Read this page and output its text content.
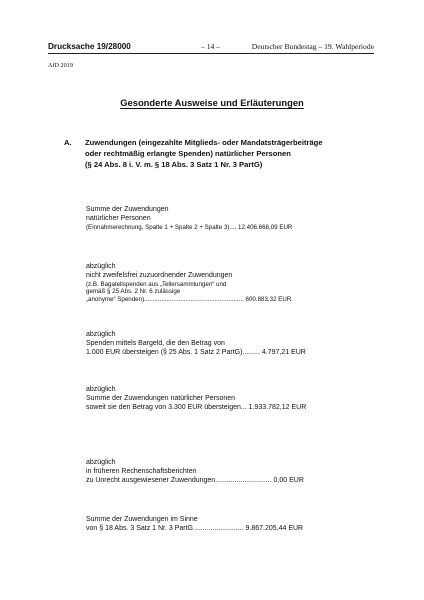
Drucksache 19/28000	– 14 –	Deutscher Bundestag – 19. Wahlperiode
AfD 2019
Gesonderte Ausweise und Erläuterungen
A. Zuwendungen (eingezahlte Mitglieds- oder Mandatsträgerbeiträge
oder rechtmäßig erlangte Spenden) natürlicher Personen
(§ 24 Abs. 8 i. V. m. § 18 Abs. 3 Satz 1 Nr. 3 PartG)
Summe der Zuwendungen
natürlicher Personen
(Einnahmerechnung, Spalte 1 + Spalte 2 + Spalte 3).... 12.406.668,09 EUR
abzüglich
nicht zweifelsfrei zuzuordnender Zuwendungen
(z.B. Bagatellspenden aus „Tellersammlungen“ und
gemäß § 25 Abs. 2 Nr. 6 zulässige
„anonyme“ Spenden).......................................................... 600.883,32 EUR
abzüglich
Spenden mittels Bargeld, die den Betrag von
1.000 EUR übersteigen (§ 25 Abs. 1 Satz 2 PartG)......... 4.797,21 EUR
abzüglich
Summe der Zuwendungen natürlicher Personen
soweit sie den Betrag von 3.300 EUR übersteigen... 1.933.782,12 EUR
abzüglich
in früheren Rechenschaftsberichten
zu Unrecht ausgewiesener Zuwendungen............................. 0,00 EUR
Summe der Zuwendungen im Sinne
von § 18 Abs. 3 Satz 1 Nr. 3 PartG.......................... 9.867.205,44 EUR
